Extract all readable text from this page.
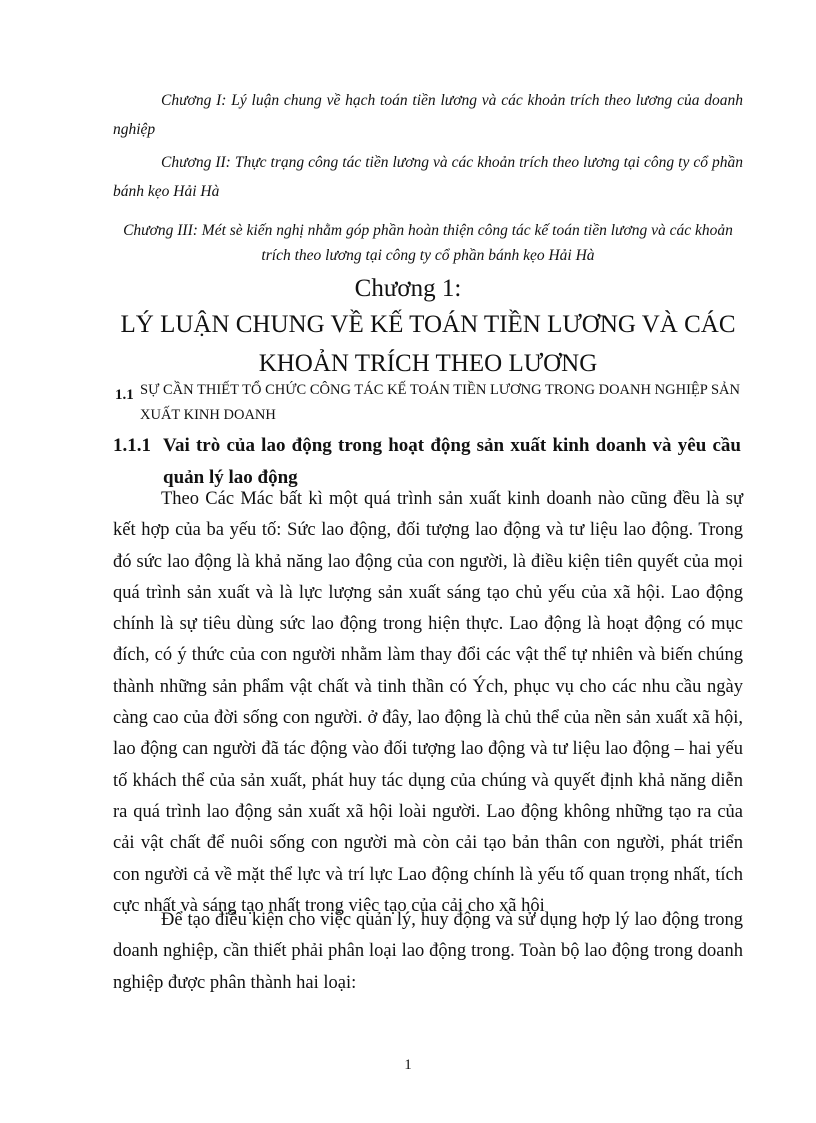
Chương I: Lý luận chung về hạch toán tiền lương và các khoản trích theo lương của doanh nghiệp
Chương II: Thực trạng công tác tiền lương và các khoản trích theo lương tại công ty cổ phần bánh kẹo Hải Hà
Chương III: Mét sè kiến nghị nhằm góp phần hoàn thiện công tác kế toán tiền lương và các khoản trích theo lương tại công ty cổ phần bánh kẹo Hải Hà
Chương 1:
LÝ LUẬN CHUNG VỀ KẾ TOÁN TIỀN LƯƠNG VÀ CÁC KHOẢN TRÍCH THEO LƯƠNG
1.1 SỰ CẦN THIẾT TỔ CHỨC CÔNG TÁC KẾ TOÁN TIỀN LƯƠNG TRONG DOANH NGHIỆP SẢN XUẤT KINH DOANH
1.1.1 Vai trò của lao động trong hoạt động sản xuất kinh doanh và yêu cầu quản lý lao động
Theo Các Mác bất kì một quá trình sản xuất kinh doanh nào cũng đều là sự kết hợp của ba yếu tố: Sức lao động, đối tượng lao động và tư liệu lao động. Trong đó sức lao động là khả năng lao động của con người, là điều kiện tiên quyết của mọi quá trình sản xuất và là lực lượng sản xuất sáng tạo chủ yếu của xã hội. Lao động chính là sự tiêu dùng sức lao động trong hiện thực. Lao động là hoạt động có mục đích, có ý thức của con người nhằm làm thay đổi các vật thể tự nhiên và biến chúng thành những sản phẩm vật chất và tinh thần có Ých, phục vụ cho các nhu cầu ngày càng cao của đời sống con người. ở đây, lao động là chủ thể của nền sản xuất xã hội, lao động can người đã tác động vào đối tượng lao động và tư liệu lao động – hai yếu tố khách thể của sản xuất, phát huy tác dụng của chúng và quyết định khả năng diễn ra quá trình lao động sản xuất xã hội loài người. Lao động không những tạo ra của cải vật chất để nuôi sống con người mà còn cải tạo bản thân con người, phát triển con người cả về mặt thể lực và trí lực Lao động chính là yếu tố quan trọng nhất, tích cực nhất và sáng tạo nhất trong việc tạo của cải cho xã hội
Để tạo điều kiện cho việc quản lý, huy động và sử dụng hợp lý lao động trong doanh nghiệp, cần thiết phải phân loại lao động trong. Toàn bộ lao động trong doanh nghiệp được phân thành hai loại:
1
